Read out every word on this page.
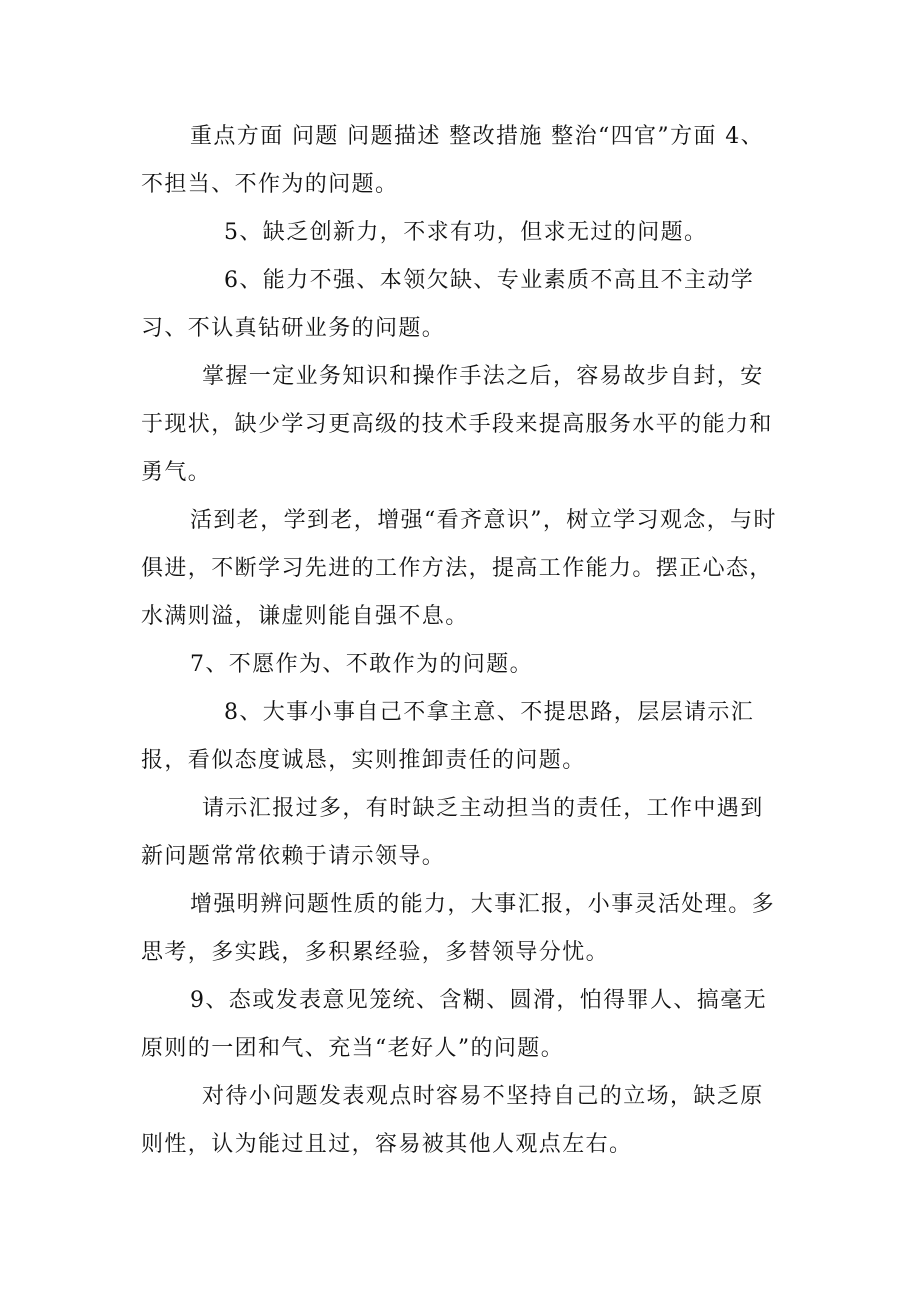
重点方面 问题 问题描述 整改措施 整治“四官”方面 4、不担当、不作为的问题。

5、缺乏创新力，不求有功，但求无过的问题。

6、能力不强、本领欠缺、专业素质不高且不主动学习、不认真钻研业务的问题。

掌握一定业务知识和操作手法之后，容易故步自封，安于现状，缺少学习更高级的技术手段来提高服务水平的能力和勇气。

活到老，学到老，增强“看齐意识”，树立学习观念，与时俱进，不断学习先进的工作方法，提高工作能力。摆正心态，水满则溢，谦虚则能自强不息。

7、不愿作为、不敢作为的问题。

8、大事小事自己不拿主意、不提思路，层层请示汇报，看似态度诚恳，实则推卸责任的问题。

请示汇报过多，有时缺乏主动担当的责任，工作中遇到新问题常常依赖于请示领导。

增强明辨问题性质的能力，大事汇报，小事灵活处理。多思考，多实践，多积累经验，多替领导分忧。

9、态或发表意见笼统、含糊、圆滑，怕得罪人、搞毫无原则的一团和气、充当“老好人”的问题。

对待小问题发表观点时容易不坚持自己的立场，缺乏原则性，认为能过且过，容易被其他人观点左右。
